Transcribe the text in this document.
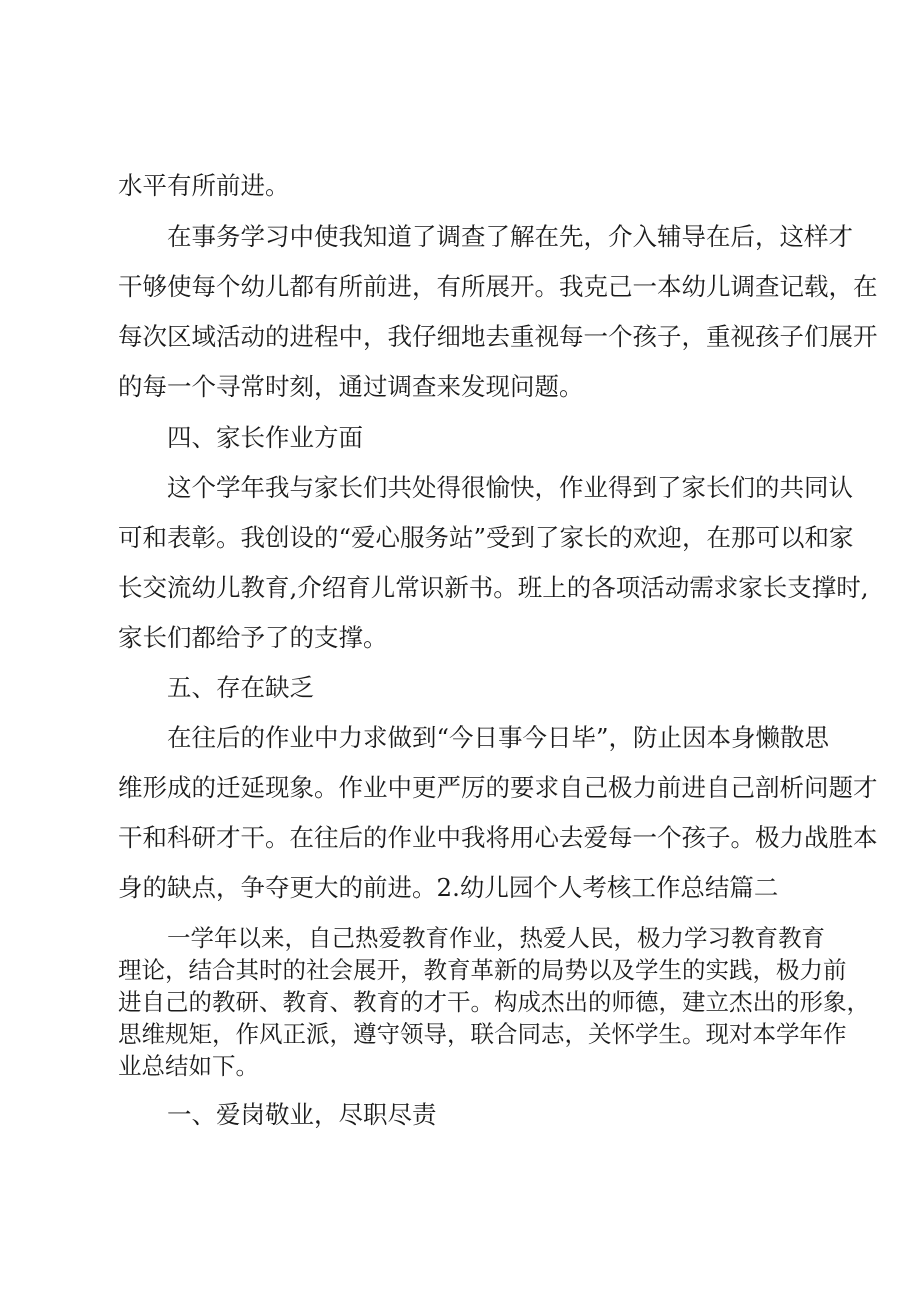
水平有所前进。
在事务学习中使我知道了调查了解在先，介入辅导在后，这样才
干够使每个幼儿都有所前进，有所展开。我克己一本幼儿调查记载，在
每次区域活动的进程中，我仔细地去重视每一个孩子，重视孩子们展开
的每一个寻常时刻，通过调查来发现问题。
四、家长作业方面
这个学年我与家长们共处得很愉快，作业得到了家长们的共同认
可和表彰。我创设的“爱心服务站”受到了家长的欢迎，在那可以和家
长交流幼儿教育,介绍育儿常识新书。班上的各项活动需求家长支撑时,
家长们都给予了的支撑。
五、存在缺乏
在往后的作业中力求做到“今日事今日毕”，防止因本身懒散思
维形成的迁延现象。作业中更严厉的要求自己极力前进自己剖析问题才
干和科研才干。在往后的作业中我将用心去爱每一个孩子。极力战胜本
身的缺点，争夺更大的前进。2.幼儿园个人考核工作总结篇二
一学年以来，自己热爱教育作业，热爱人民，极力学习教育教育
理论，结合其时的社会展开，教育革新的局势以及学生的实践，极力前
进自己的教研、教育、教育的才干。构成杰出的师德，建立杰出的形象，
思维规矩，作风正派，遵守领导，联合同志，关怀学生。现对本学年作
业总结如下。
一、爱岗敬业，尽职尽责
